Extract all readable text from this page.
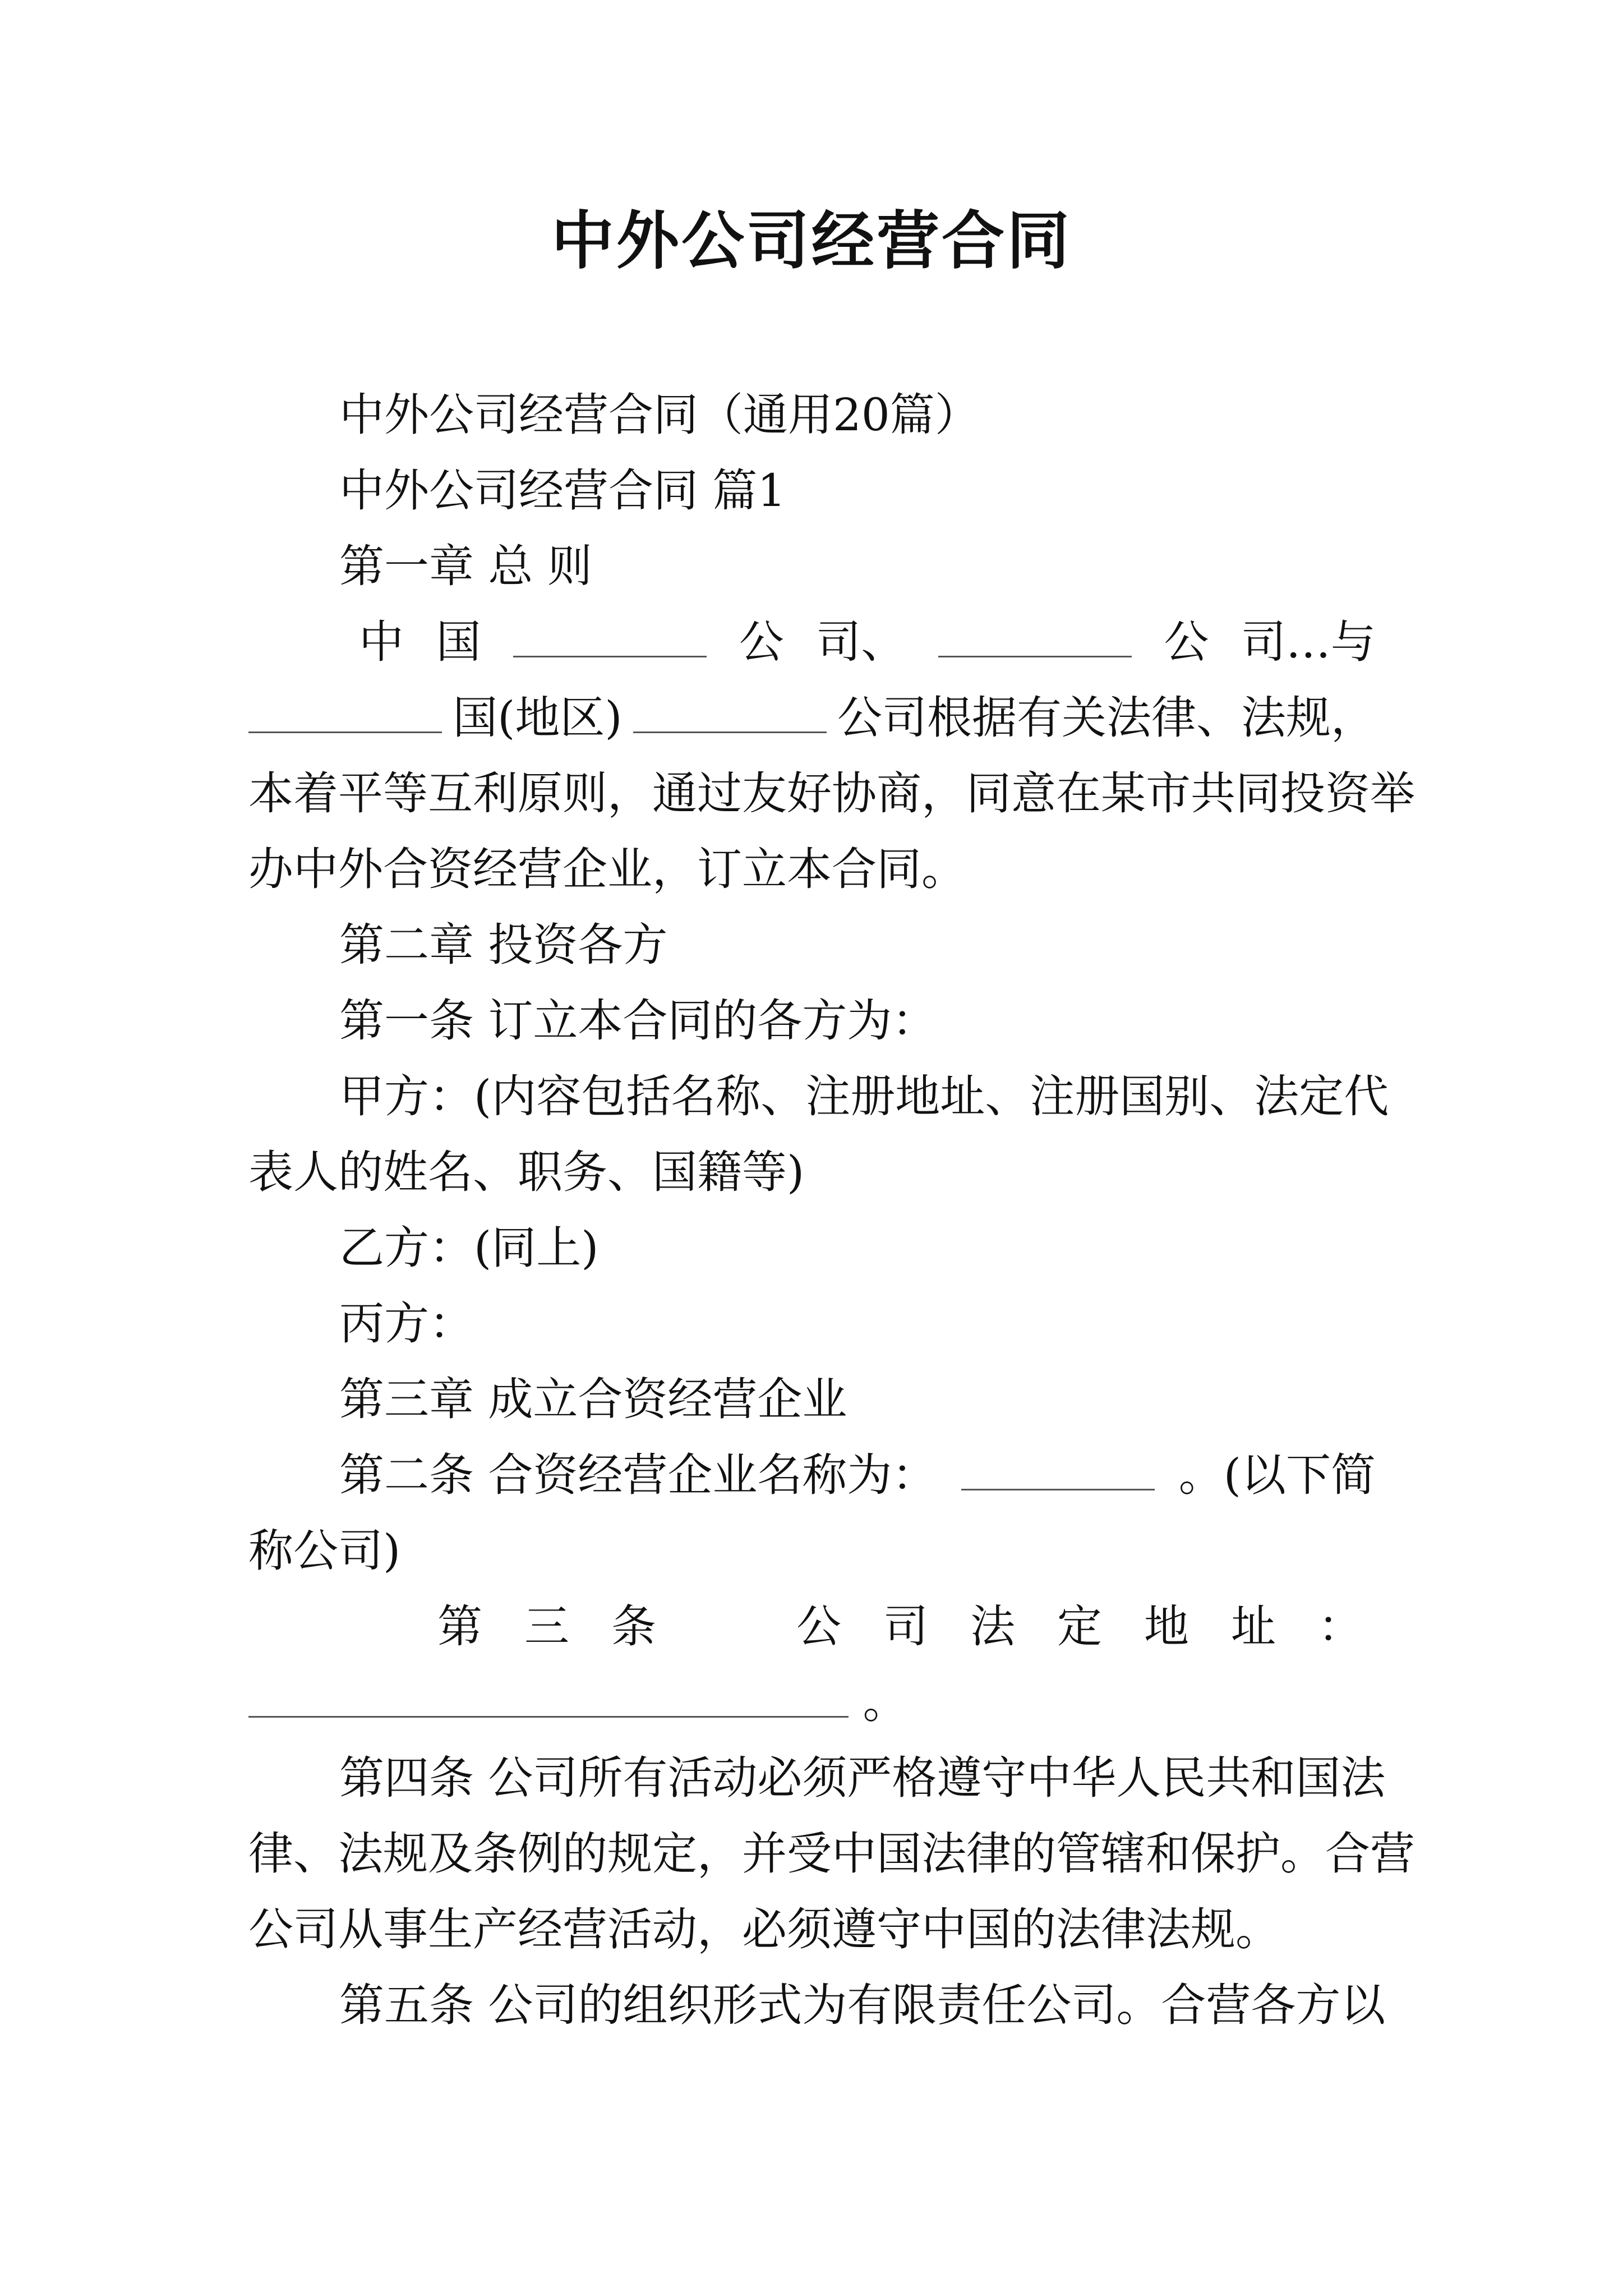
中外公司经营合同
中外公司经营合同（通用20篇）
中外公司经营合同 篇1
第一章 总 则
中 国	公 司、	公 司…与
国(地区)	公司根据有关法律、法规，
本着平等互利原则，通过友好协商，同意在某市共同投资举
办中外合资经营企业，订立本合同。
第二章 投资各方
第一条 订立本合同的各方为：
甲方：(内容包括名称、注册地址、注册国别、法定代
表人的姓名、职务、国籍等)
乙方：(同上)
丙方：
第三章 成立合资经营企业
第二条 合资经营企业名称为：	。(以下简
称公司)
第 三 条	公 司 法 定 地 址 ：
。
第四条 公司所有活动必须严格遵守中华人民共和国法
律、法规及条例的规定，并受中国法律的管辖和保护。合营
公司从事生产经营活动，必须遵守中国的法律法规。
第五条 公司的组织形式为有限责任公司。合营各方以
